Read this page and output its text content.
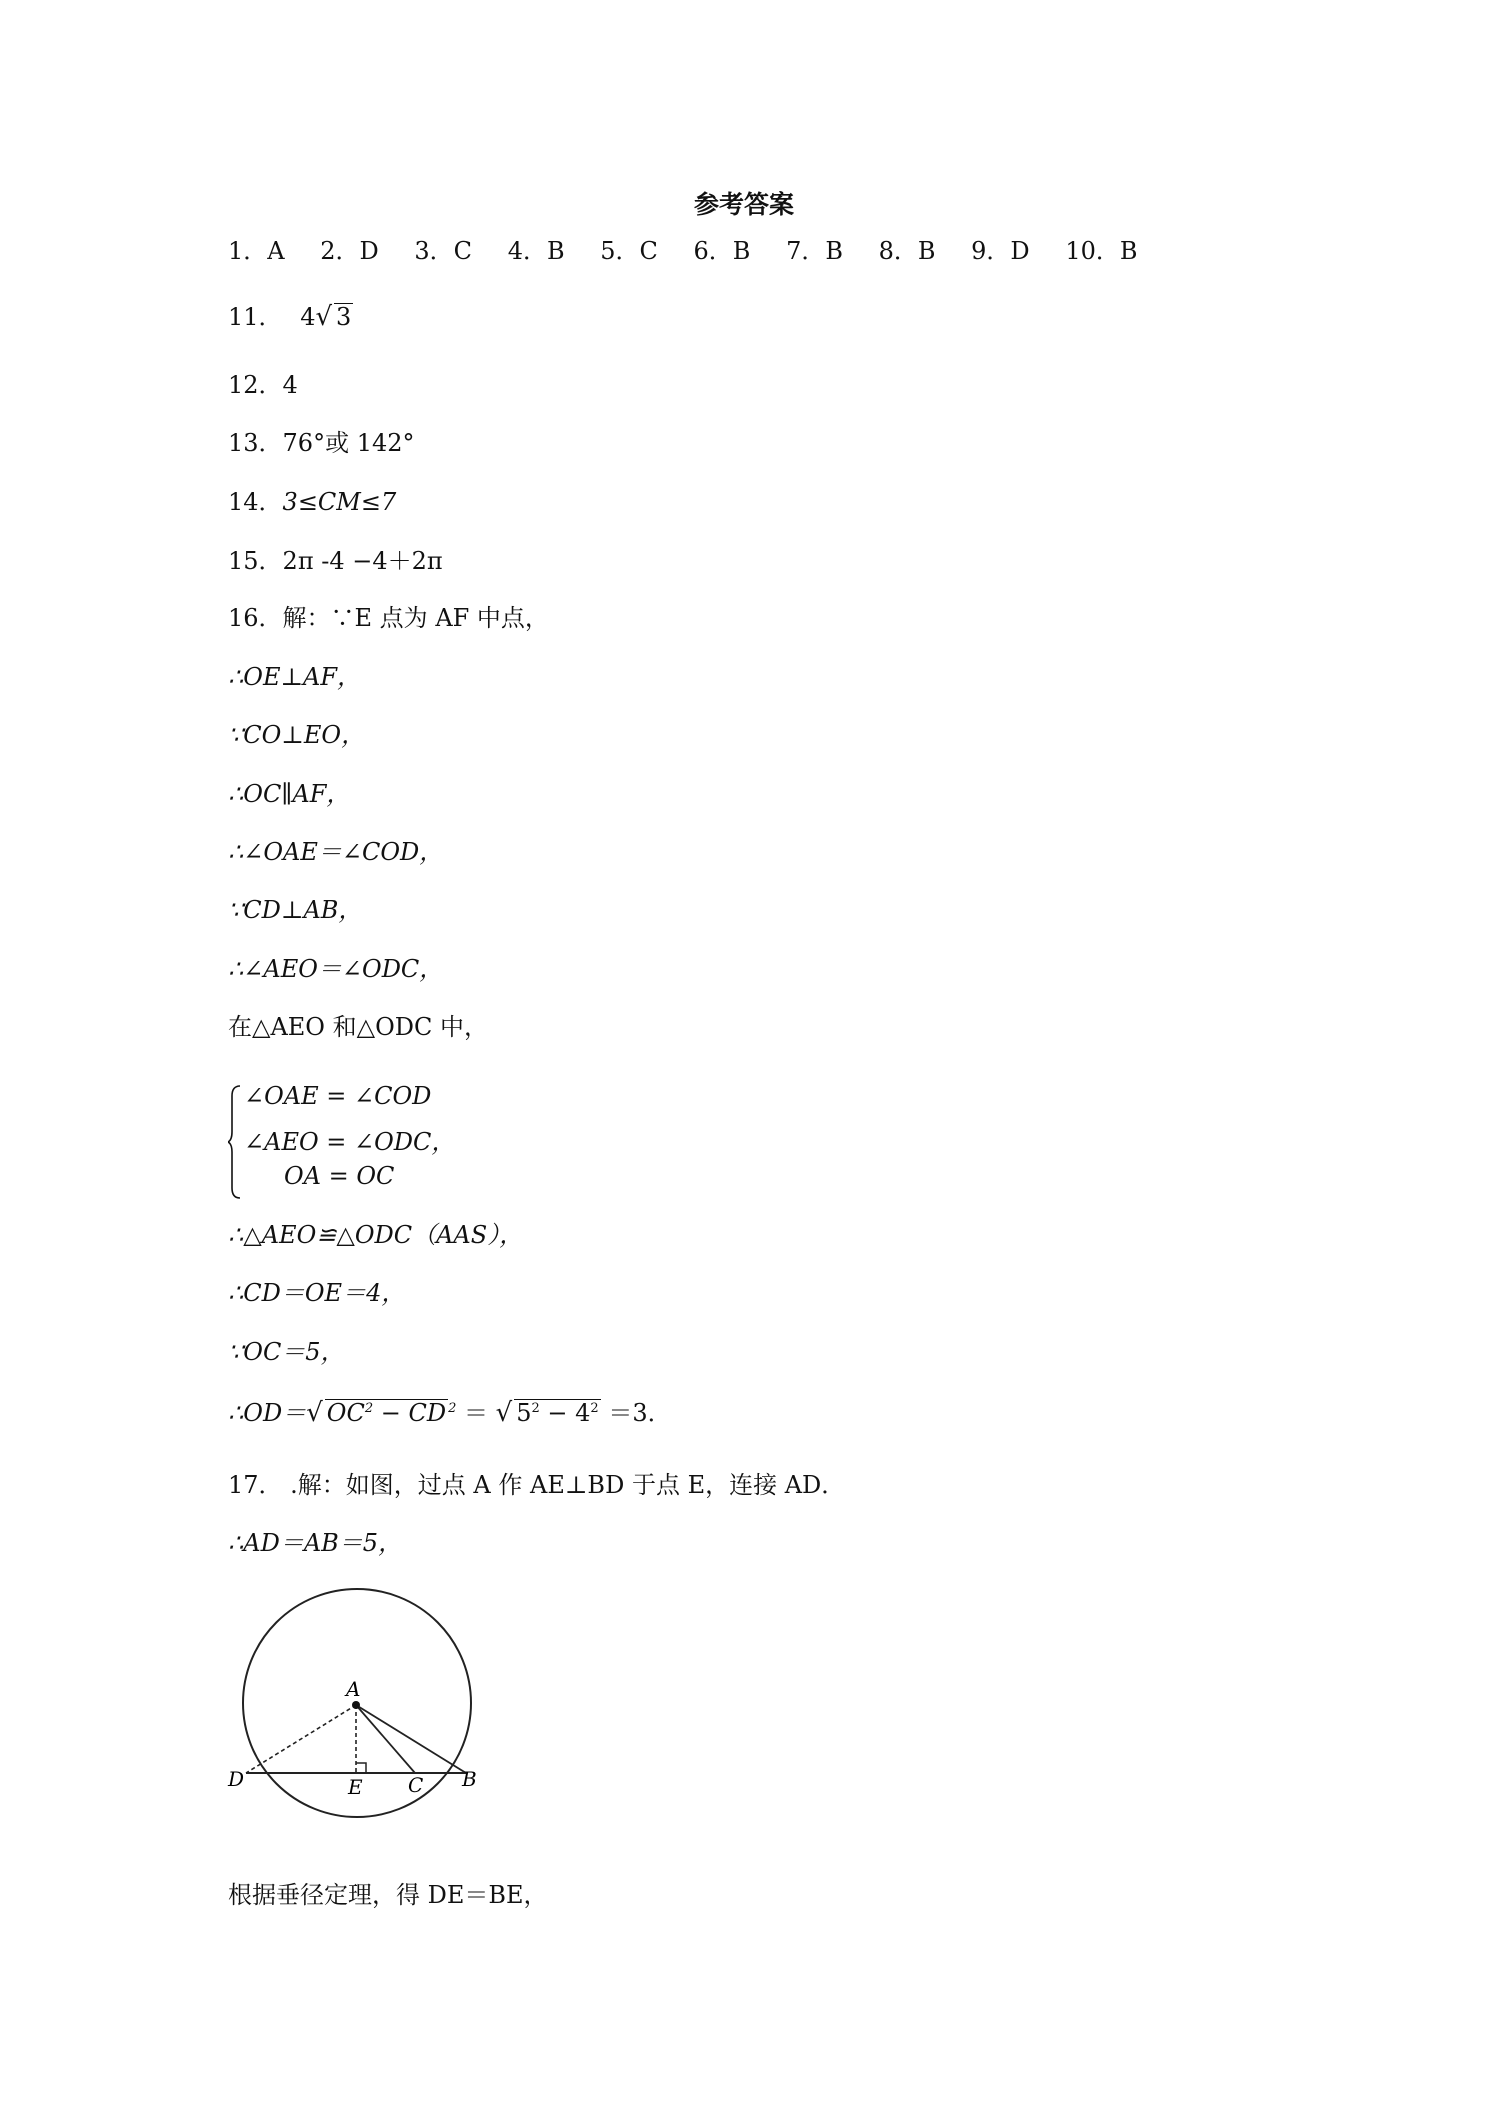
参考答案
1．A 2．D 3．C 4．B 5．C 6．B 7．B 8．B 9．D 10．B
11． 4√ 3
12．4
13．76°或 142°
14．3≤CM≤7
15．2π -4 −4＋2π
16．解：∵E 点为 AF 中点，
∴OE⊥AF，
∵CO⊥EO，
∴OC∥AF，
∴∠OAE＝∠COD，
∵CD⊥AB，
∴∠AEO＝∠ODC，
在△AEO 和△ODC 中，
∠OAE = ∠COD
∠AEO = ∠ODC，
OA = OC
∴△AEO≌△ODC（AAS），
∴CD＝OE＝4，
∵OC＝5，
∴OD＝√ $OC^2$ − CD $^2$ ＝ √ $5^2 - 4^2 =3$．
17． .解：如图，过点 A 作 AE⊥BD 于点 E，连接 AD．
∴AD＝AB＝5，
A
D	E C B
根据垂径定理，得 DE＝BE，
